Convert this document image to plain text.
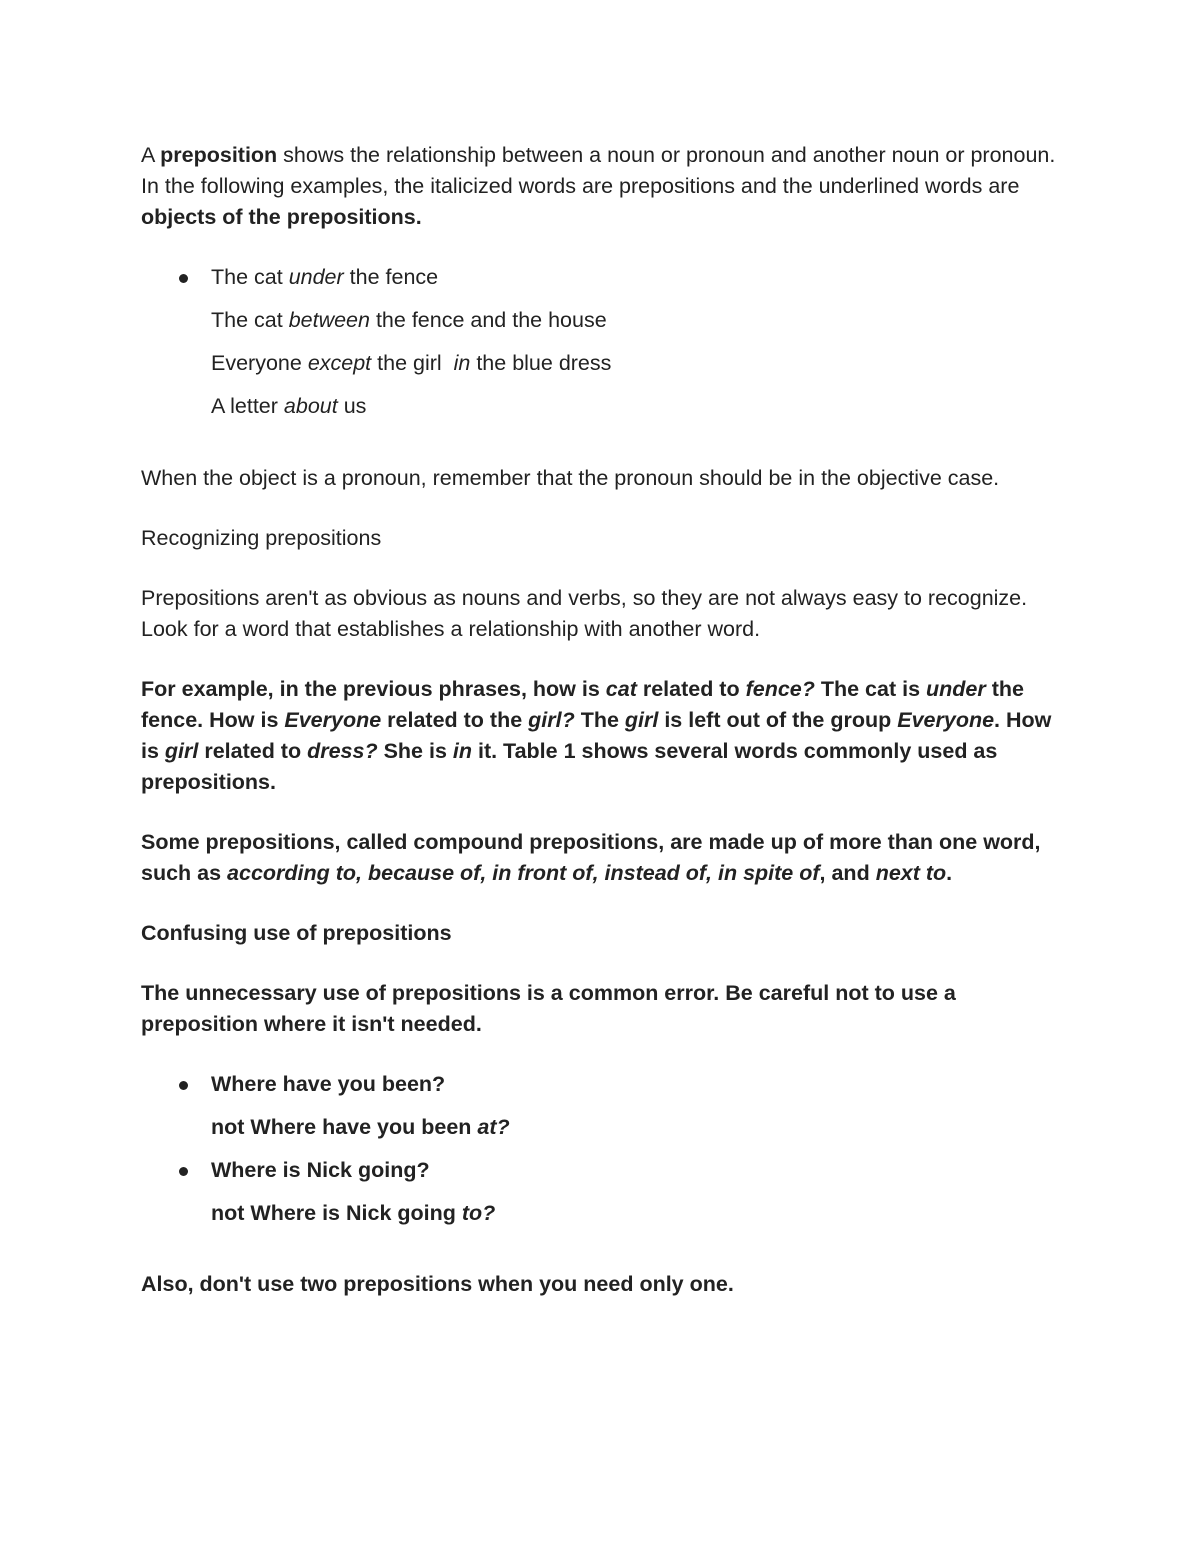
A preposition shows the relationship between a noun or pronoun and another noun or pronoun. In the following examples, the italicized words are prepositions and the underlined words are objects of the prepositions.

The cat under the fence
The cat between the fence and the house
Everyone except the girl  in the blue dress
A letter about us

When the object is a pronoun, remember that the pronoun should be in the objective case.

Recognizing prepositions

Prepositions aren't as obvious as nouns and verbs, so they are not always easy to recognize. Look for a word that establishes a relationship with another word.

For example, in the previous phrases, how is cat related to fence? The cat is under the fence. How is Everyone related to the girl? The girl is left out of the group Everyone. How is girl related to dress? She is in it. Table 1 shows several words commonly used as prepositions.

Some prepositions, called compound prepositions, are made up of more than one word, such as according to, because of, in front of, instead of, in spite of, and next to.

Confusing use of prepositions

The unnecessary use of prepositions is a common error. Be careful not to use a preposition where it isn't needed.

Where have you been?
not Where have you been at?
Where is Nick going?
not Where is Nick going to?

Also, don't use two prepositions when you need only one.
